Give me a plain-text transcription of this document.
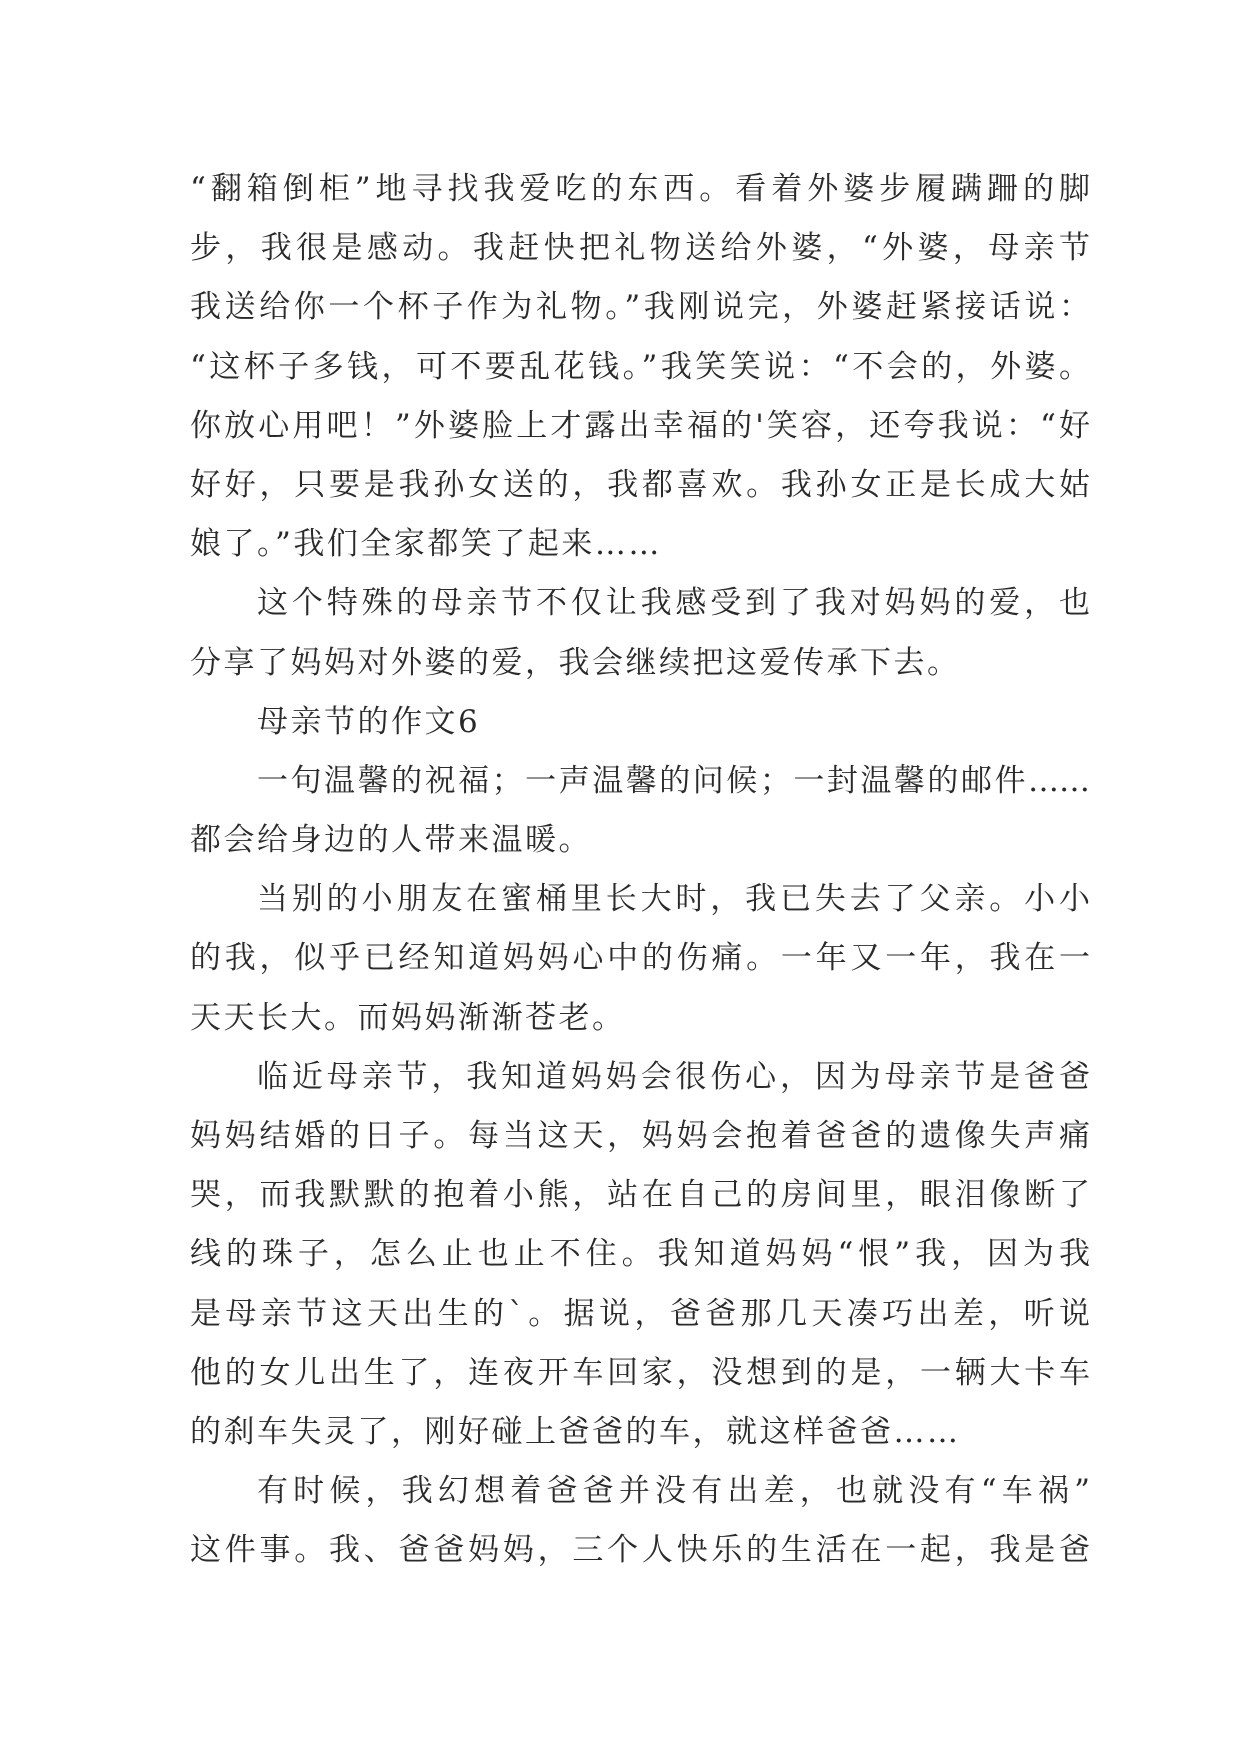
“翻箱倒柜”地寻找我爱吃的东西。看着外婆步履蹒跚的脚
步，我很是感动。我赶快把礼物送给外婆，“外婆，母亲节
我送给你一个杯子作为礼物。”我刚说完，外婆赶紧接话说：
“这杯子多钱，可不要乱花钱。”我笑笑说：“不会的，外婆。
你放心用吧！”外婆脸上才露出幸福的'笑容，还夸我说：“好
好好，只要是我孙女送的，我都喜欢。我孙女正是长成大姑
娘了。”我们全家都笑了起来……
这个特殊的母亲节不仅让我感受到了我对妈妈的爱，也
分享了妈妈对外婆的爱，我会继续把这爱传承下去。
母亲节的作文6
一句温馨的祝福；一声温馨的问候；一封温馨的邮件……
都会给身边的人带来温暖。
当别的小朋友在蜜桶里长大时，我已失去了父亲。小小
的我，似乎已经知道妈妈心中的伤痛。一年又一年，我在一
天天长大。而妈妈渐渐苍老。
临近母亲节，我知道妈妈会很伤心，因为母亲节是爸爸
妈妈结婚的日子。每当这天，妈妈会抱着爸爸的遗像失声痛
哭，而我默默的抱着小熊，站在自己的房间里，眼泪像断了
线的珠子，怎么止也止不住。我知道妈妈“恨”我，因为我
是母亲节这天出生的`。据说，爸爸那几天凑巧出差，听说
他的女儿出生了，连夜开车回家，没想到的是，一辆大卡车
的刹车失灵了，刚好碰上爸爸的车，就这样爸爸……
有时候，我幻想着爸爸并没有出差，也就没有“车祸”
这件事。我、爸爸妈妈，三个人快乐的生活在一起，我是爸
